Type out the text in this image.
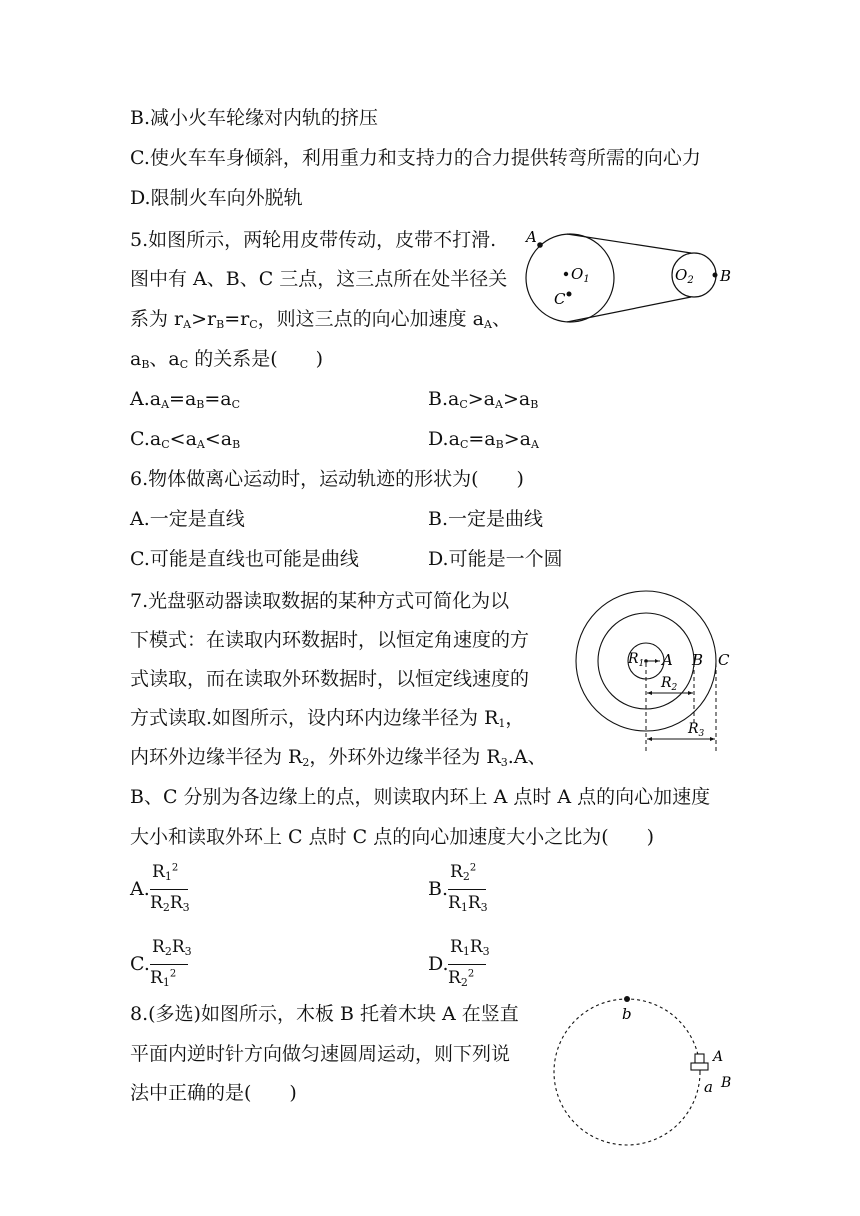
B.减小火车轮缘对内轨的挤压
C.使火车车身倾斜，利用重力和支持力的合力提供转弯所需的向心力
D.限制火车向外脱轨
5.如图所示，两轮用皮带传动，皮带不打滑.
图中有 A、B、C 三点，这三点所在处半径关
系为 $r_A>r_B=r_C$，则这三点的向心加速度 $a_A$、
$a_B$、$a_C$ 的关系是(　　)
$A.a_A=a_B=a_C$	$B.a_C>a_A>a_B$
$C.a_C<a_A<a_B$	$D.a_C=a_B>a_A$
A
$O_1$
C
$O_2$ B
6.物体做离心运动时，运动轨迹的形状为(　　)
A.一定是直线	B.一定是曲线
C.可能是直线也可能是曲线	D.可能是一个圆
7.光盘驱动器读取数据的某种方式可简化为以
下模式：在读取内环数据时，以恒定角速度的方
式读取，而在读取外环数据时，以恒定线速度的
方式读取.如图所示，设内环内边缘半径为 $R_1$，
内环外边缘半径为 $R_2$，外环外边缘半径为 $R_3.A$、
B、C 分别为各边缘上的点，则读取内环上 A 点时 A 点的向心加速度
大小和读取外环上 C 点时 C 点的向心加速度大小之比为(　　)
A.
$R_1^2$
$R_2R_3$
B.
$R_2^2$
$R_1R_3$
C.
$R_2R_3$
$R_1^2$	D.
$R_1R_3$
$R_2^2$
$R_1$ A B C
$R_2$
$R_3$
8.(多选)如图所示，木板 B 托着木块 A 在竖直
平面内逆时针方向做匀速圆周运动，则下列说
法中正确的是(　　)
b
A
a B
